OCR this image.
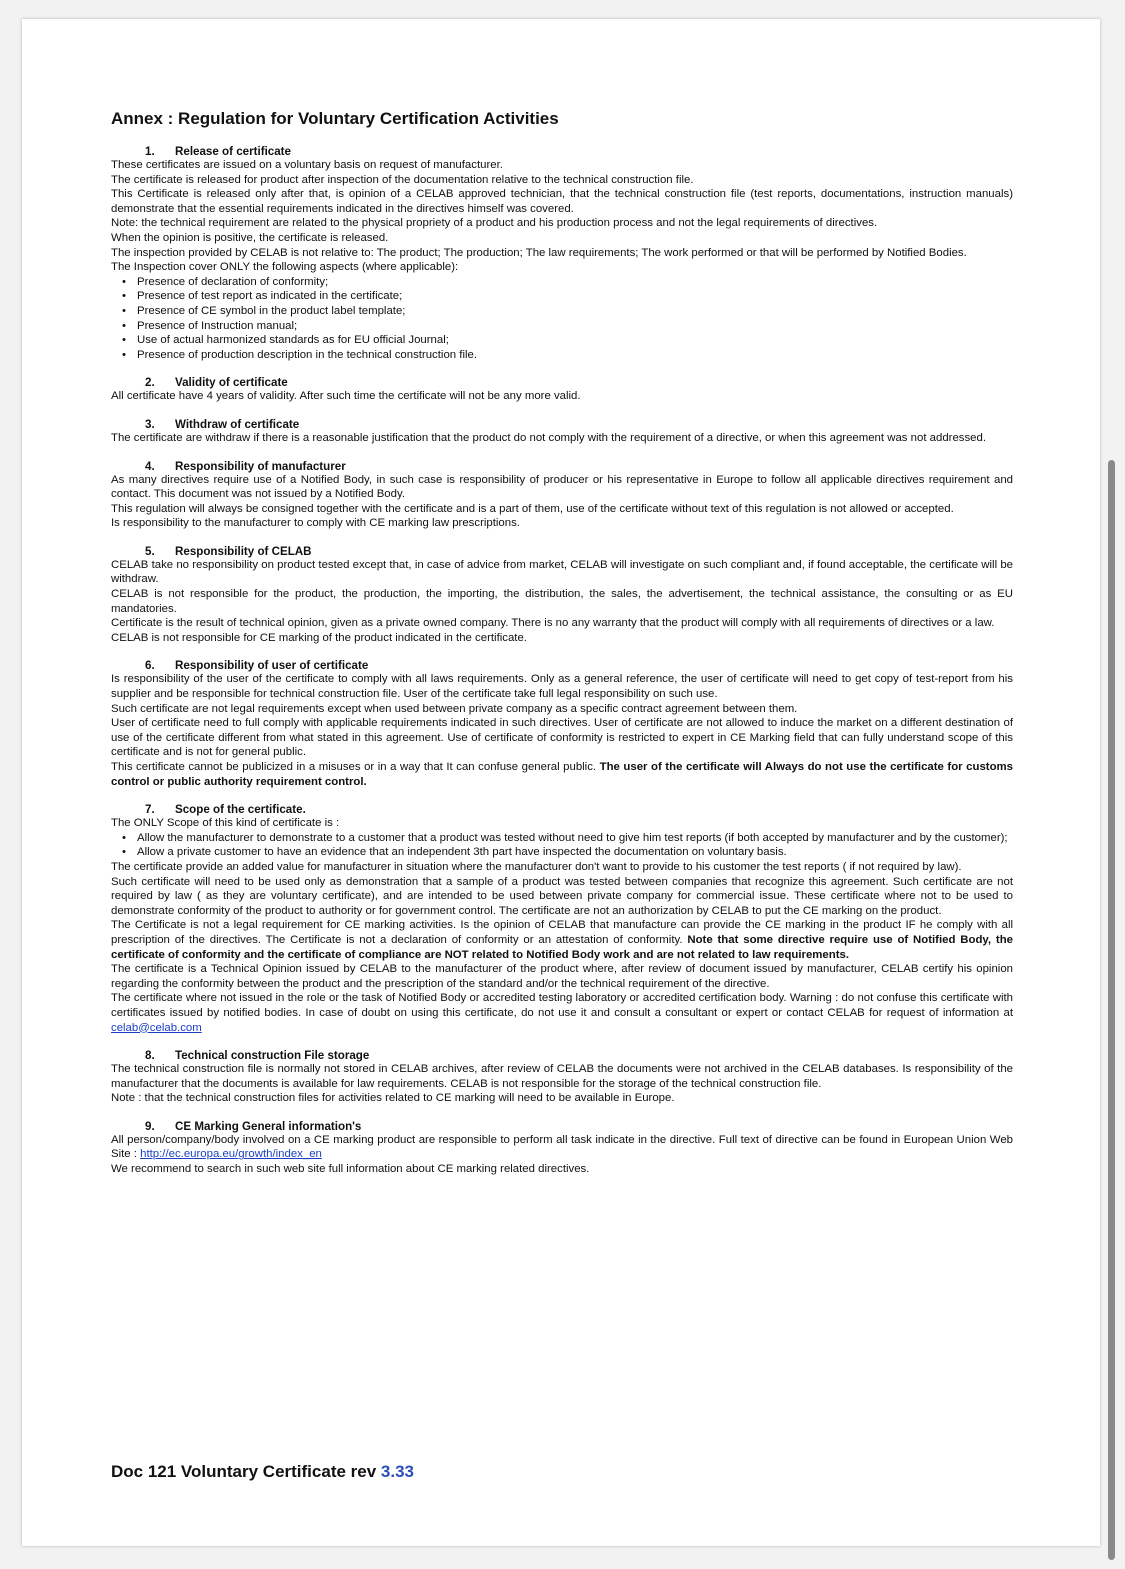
Annex : Regulation for Voluntary Certification Activities
1. Release of certificate

These certificates are issued on a voluntary basis on request of manufacturer.

The certificate is released for product after inspection of the documentation relative to the technical construction file.

This Certificate is released only after that, is opinion of a CELAB approved technician, that the technical construction file (test reports, documentations, instruction manuals) demonstrate that the essential requirements indicated in the directives himself was covered.

Note: the technical requirement are related to the physical propriety of a product and his production process and not the legal requirements of directives.

When the opinion is positive, the certificate is released.

The inspection provided by CELAB is not relative to: The product; The production; The law requirements; The work performed or that will be performed by Notified Bodies.

The Inspection cover ONLY the following aspects (where applicable):

• Presence of declaration of conformity;
• Presence of test report as indicated in the certificate;
• Presence of CE symbol in the product label template;
• Presence of Instruction manual;
• Use of actual harmonized standards as for EU official Journal;
• Presence of production description in the technical construction file.
2. Validity of certificate

All certificate have 4 years of validity. After such time the certificate will not be any more valid.

3. Withdraw of certificate

The certificate are withdraw if there is a reasonable justification that the product do not comply with the requirement of a directive, or when this agreement was not addressed.

4. Responsibility of manufacturer

As many directives require use of a Notified Body, in such case is responsibility of producer or his representative in Europe to follow all applicable directives requirement and contact. This document was not issued by a Notified Body.

This regulation will always be consigned together with the certificate and is a part of them, use of the certificate without text of this regulation is not allowed or accepted.

Is responsibility to the manufacturer to comply with CE marking law prescriptions.

5. Responsibility of CELAB

CELAB take no responsibility on product tested except that, in case of advice from market, CELAB will investigate on such compliant and, if found acceptable, the certificate will be withdraw.

CELAB is not responsible for the product, the production, the importing, the distribution, the sales, the advertisement, the technical assistance, the consulting or as EU mandatories.

Certificate is the result of technical opinion, given as a private owned company. There is no any warranty that the product will comply with all requirements of directives or a law.

CELAB is not responsible for CE marking of the product indicated in the certificate.

6. Responsibility of user of certificate

Is responsibility of the user of the certificate to comply with all laws requirements. Only as a general reference, the user of certificate will need to get copy of test-report from his supplier and be responsible for technical construction file. User of the certificate take full legal responsibility on such use.

Such certificate are not legal requirements except when used between private company as a specific contract agreement between them.

User of certificate need to full comply with applicable requirements indicated in such directives. User of certificate are not allowed to induce the market on a different destination of use of the certificate different from what stated in this agreement. Use of certificate of conformity is restricted to expert in CE Marking field that can fully understand scope of this certificate and is not for general public.

This certificate cannot be publicized in a misuses or in a way that It can confuse general public. The user of the certificate will Always do not use the certificate for customs control or public authority requirement control.

7. Scope of the certificate.

The ONLY Scope of this kind of certificate is :

• Allow the manufacturer to demonstrate to a customer that a product was tested without need to give him test reports (if both accepted by manufacturer and by the customer);
• Allow a private customer to have an evidence that an independent 3th part have inspected the documentation on voluntary basis.

The certificate provide an added value for manufacturer in situation where the manufacturer don't want to provide to his customer the test reports ( if not required by law).

Such certificate will need to be used only as demonstration that a sample of a product was tested between companies that recognize this agreement. Such certificate are not required by law ( as they are voluntary certificate), and are intended to be used between private company for commercial issue. These certificate where not to be used to demonstrate conformity of the product to authority or for government control. The certificate are not an authorization by CELAB to put the CE marking on the product.

The Certificate is not a legal requirement for CE marking activities. Is the opinion of CELAB that manufacture can provide the CE marking in the product IF he comply with all prescription of the directives. The Certificate is not a declaration of conformity or an attestation of conformity. Note that some directive require use of Notified Body, the certificate of conformity and the certificate of compliance are NOT related to Notified Body work and are not related to law requirements.

The certificate is a Technical Opinion issued by CELAB to the manufacturer of the product where, after review of document issued by manufacturer, CELAB certify his opinion regarding the conformity between the product and the prescription of the standard and/or the technical requirement of the directive.

The certificate where not issued in the role or the task of Notified Body or accredited testing laboratory or accredited certification body. Warning : do not confuse this certificate with certificates issued by notified bodies. In case of doubt on using this certificate, do not use it and consult a consultant or expert or contact CELAB for request of information at celab@celab.com

8. Technical construction File storage

The technical construction file is normally not stored in CELAB archives, after review of CELAB the documents were not archived in the CELAB databases. Is responsibility of the manufacturer that the documents is available for law requirements. CELAB is not responsible for the storage of the technical construction file.

Note : that the technical construction files for activities related to CE marking will need to be available in Europe.

9. CE Marking General information's

All person/company/body involved on a CE marking product are responsible to perform all task indicate in the directive. Full text of directive can be found in European Union Web Site : http://ec.europa.eu/growth/index_en

We recommend to search in such web site full information about CE marking related directives.

Doc 121 Voluntary Certificate rev 3.33
